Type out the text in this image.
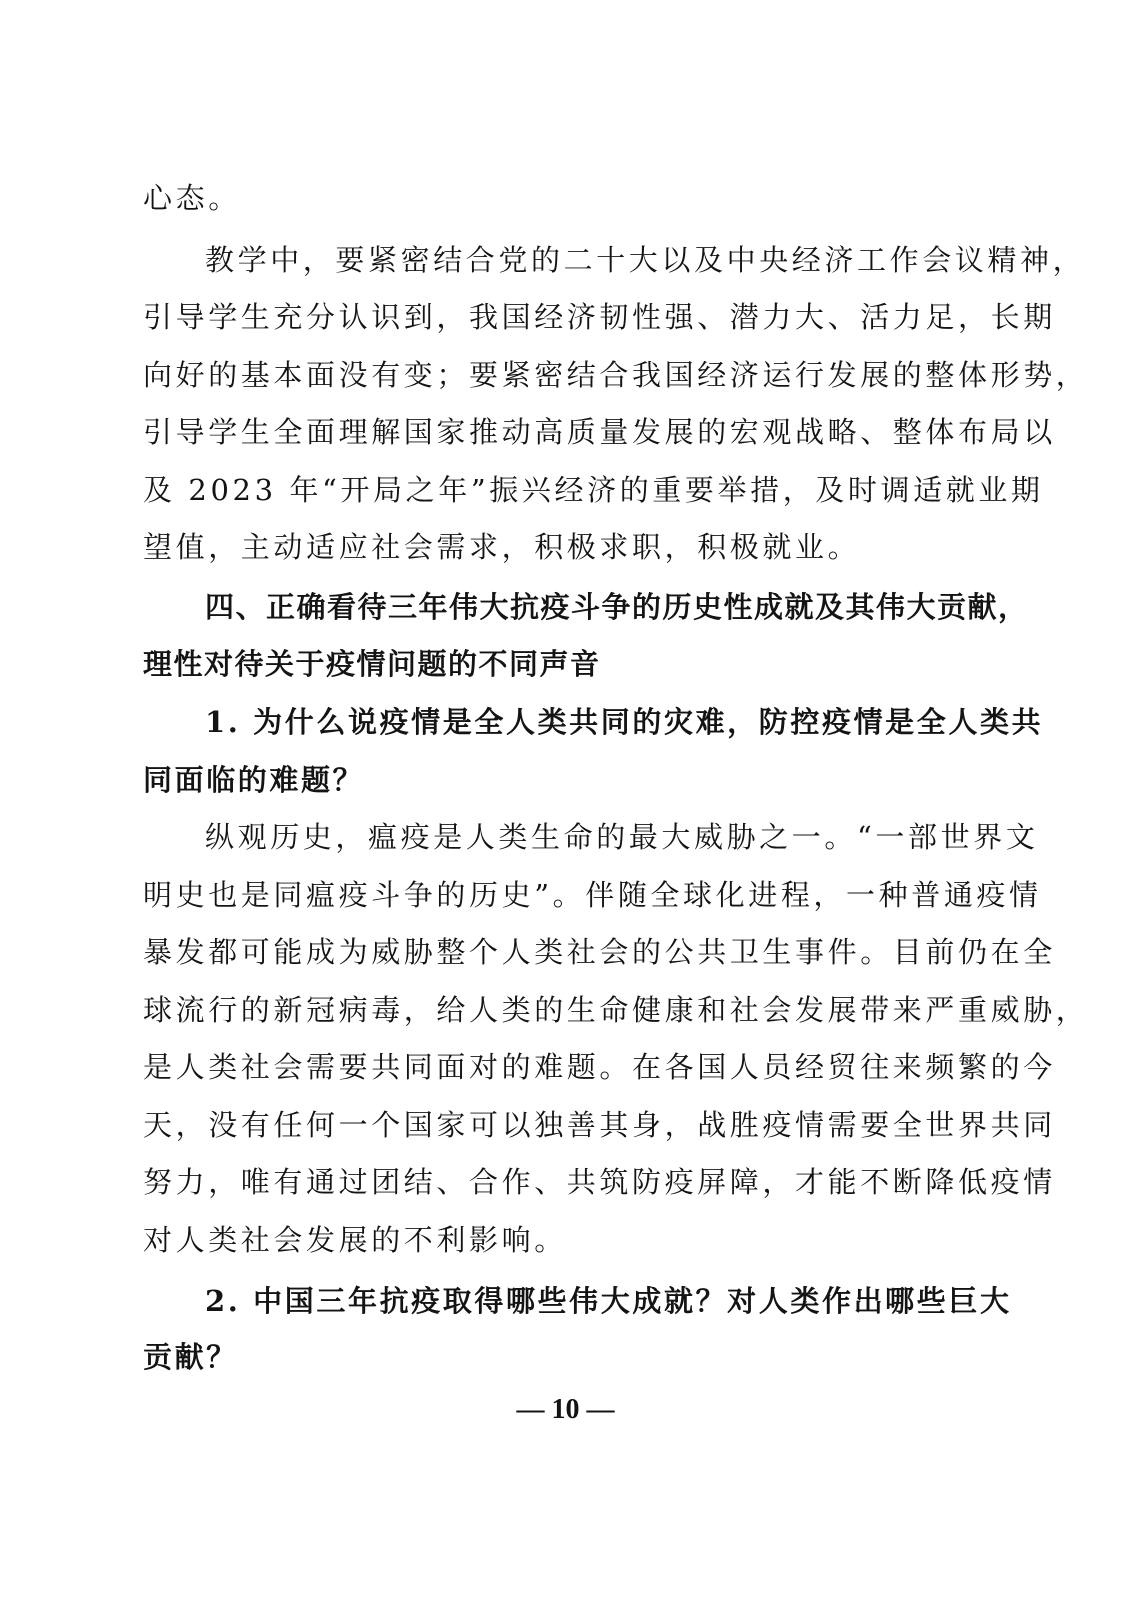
心态。
教学中，要紧密结合党的二十大以及中央经济工作会议精神，
引导学生充分认识到，我国经济韧性强、潜力大、活力足，长期
向好的基本面没有变；要紧密结合我国经济运行发展的整体形势，
引导学生全面理解国家推动高质量发展的宏观战略、整体布局以
及 2023 年“开局之年”振兴经济的重要举措，及时调适就业期
望值，主动适应社会需求，积极求职，积极就业。
四、正确看待三年伟大抗疫斗争的历史性成就及其伟大贡献，
理性对待关于疫情问题的不同声音
1. 为什么说疫情是全人类共同的灾难，防控疫情是全人类共
同面临的难题？
纵观历史，瘟疫是人类生命的最大威胁之一。“一部世界文
明史也是同瘟疫斗争的历史”。伴随全球化进程，一种普通疫情
暴发都可能成为威胁整个人类社会的公共卫生事件。目前仍在全
球流行的新冠病毒，给人类的生命健康和社会发展带来严重威胁，
是人类社会需要共同面对的难题。在各国人员经贸往来频繁的今
天，没有任何一个国家可以独善其身，战胜疫情需要全世界共同
努力，唯有通过团结、合作、共筑防疫屏障，才能不断降低疫情
对人类社会发展的不利影响。
2. 中国三年抗疫取得哪些伟大成就？对人类作出哪些巨大
贡献？
— 10 —
